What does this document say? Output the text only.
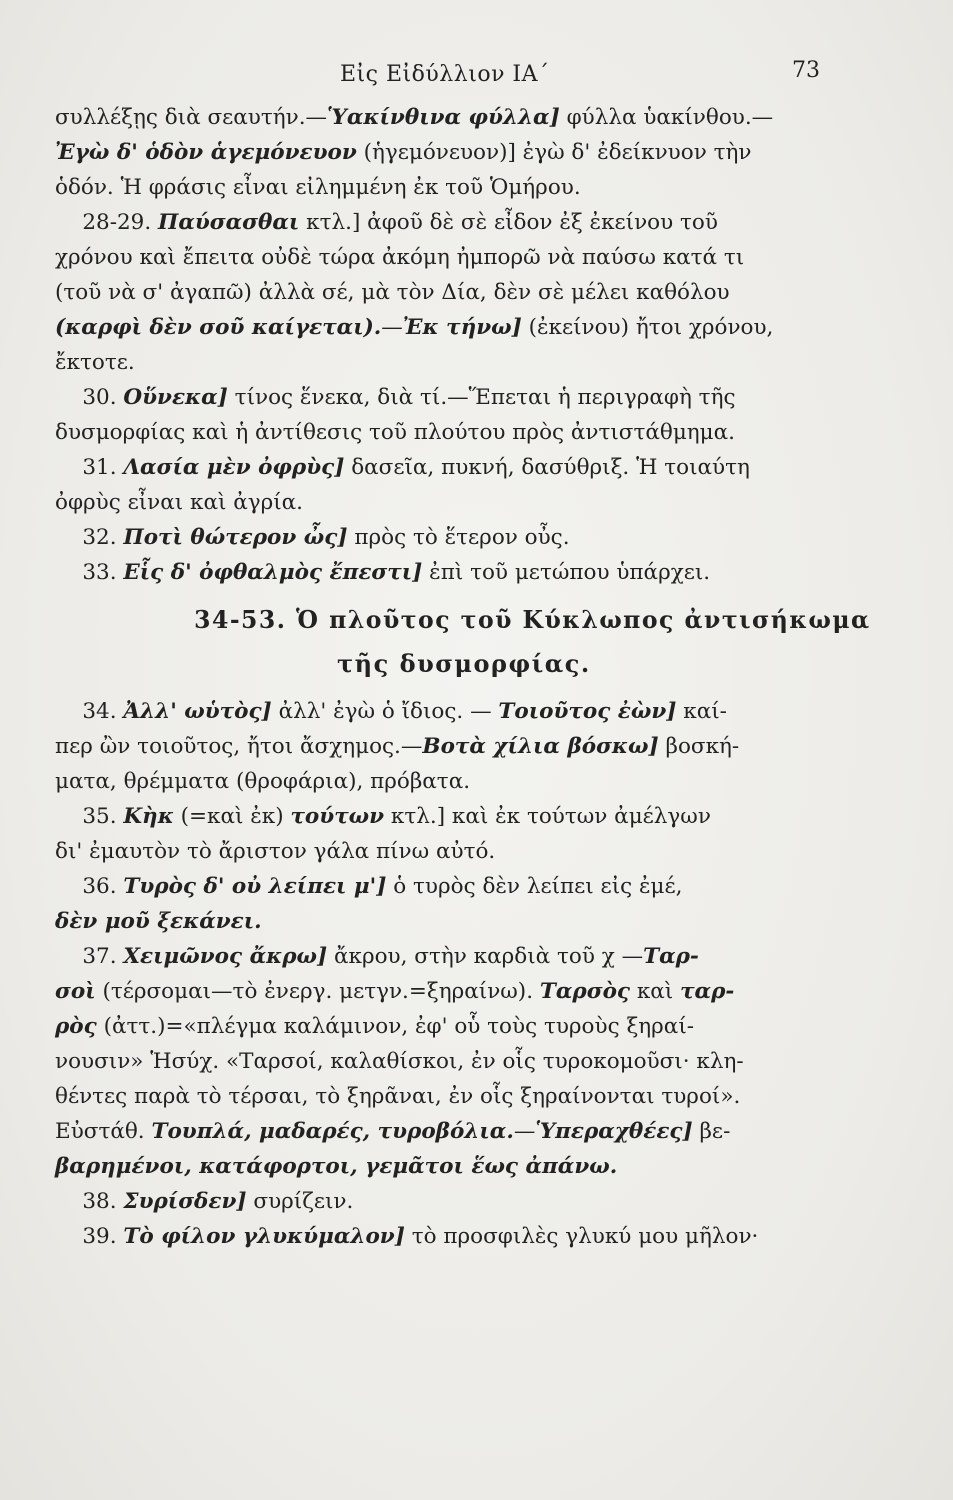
Εἰς Εἰδύλλιον ΙΑ΄	73
συλλέξῃς διὰ σεαυτήν.—Ὑακίνθινα φύλλα] φύλλα ὑακίνθου.—
Ἐγὼ δ' ὁδὸν ἁγεμόνευον (ἡγεμόνευον)] ἐγὼ δ' ἐδείκνυον τὴν
ὁδόν. Ἡ φράσις εἶναι εἰλημμένη ἐκ τοῦ Ὁμήρου.
28-29. Παύσασθαι κτλ.] ἀφοῦ δὲ σὲ εἶδον ἐξ ἐκείνου τοῦ
χρόνου καὶ ἔπειτα οὐδὲ τώρα ἀκόμη ἠμπορῶ νὰ παύσω κατά τι
(τοῦ νὰ σ' ἀγαπῶ) ἀλλὰ σέ, μὰ τὸν Δία, δὲν σὲ μέλει καθόλου
(καρφὶ δὲν σοῦ καίγεται).—Ἐκ τήνω] (ἐκείνου) ἤτοι χρόνου,
ἔκτοτε.
30. Οὕνεκα] τίνος ἕνεκα, διὰ τί.—Ἕπεται ἡ περιγραφὴ τῆς
δυσμορφίας καὶ ἡ ἀντίθεσις τοῦ πλούτου πρὸς ἀντιστάθμημα.
31. Λασία μὲν ὀφρὺς] δασεῖα, πυκνή, δασύθριξ. Ἡ τοιαύτη
ὀφρὺς εἶναι καὶ ἀγρία.
32. Ποτὶ θώτερον ὦς] πρὸς τὸ ἕτερον οὖς.
33. Εἷς δ' ὀφθαλμὸς ἔπεστι] ἐπὶ τοῦ μετώπου ὑπάρχει.
34-53. Ὁ πλοῦτος τοῦ Κύκλωπος ἀντισήκωμα
τῆς δυσμορφίας.
34. Ἀλλ' ωὑτὸς] ἀλλ' ἐγὼ ὁ ἴδιος. — Τοιοῦτος ἐὼν] καί-
περ ὢν τοιοῦτος, ἤτοι ἄσχημος.—Βοτὰ χίλια βόσκω] βοσκή-
ματα, θρέμματα (θροφάρια), πρόβατα.
35. Κὴκ (=καὶ ἐκ) τούτων κτλ.] καὶ ἐκ τούτων ἀμέλγων
δι' ἐμαυτὸν τὸ ἄριστον γάλα πίνω αὐτό.
36. Τυρὸς δ' οὐ λείπει μ'] ὁ τυρὸς δὲν λείπει εἰς ἐμέ,
δὲν μοῦ ξεκάνει.
37. Χειμῶνος ἄκρω] ἄκρου, στὴν καρδιὰ τοῦ χ —Ταρ-
σοὶ (τέρσομαι—τὸ ἐνεργ. μετγν.=ξηραίνω). Ταρσὸς καὶ ταρ-
ρὸς (ἀττ.)=«πλέγμα καλάμινον, ἐφ' οὗ τοὺς τυροὺς ξηραί-
νουσιν» Ἡσύχ. «Ταρσοί, καλαθίσκοι, ἐν οἷς τυροκομοῦσι· κλη-
θέντες παρὰ τὸ τέρσαι, τὸ ξηρᾶναι, ἐν οἷς ξηραίνονται τυροί».
Εὐστάθ. Τουπλά, μαδαρές, τυροβόλια.—Ὑπεραχθέες] βε-
βαρημένοι, κατάφορτοι, γεμᾶτοι ἕως ἀπάνω.
38. Συρίσδεν] συρίζειν.
39. Τὸ φίλον γλυκύμαλον] τὸ προσφιλὲς γλυκύ μου μῆλον·
